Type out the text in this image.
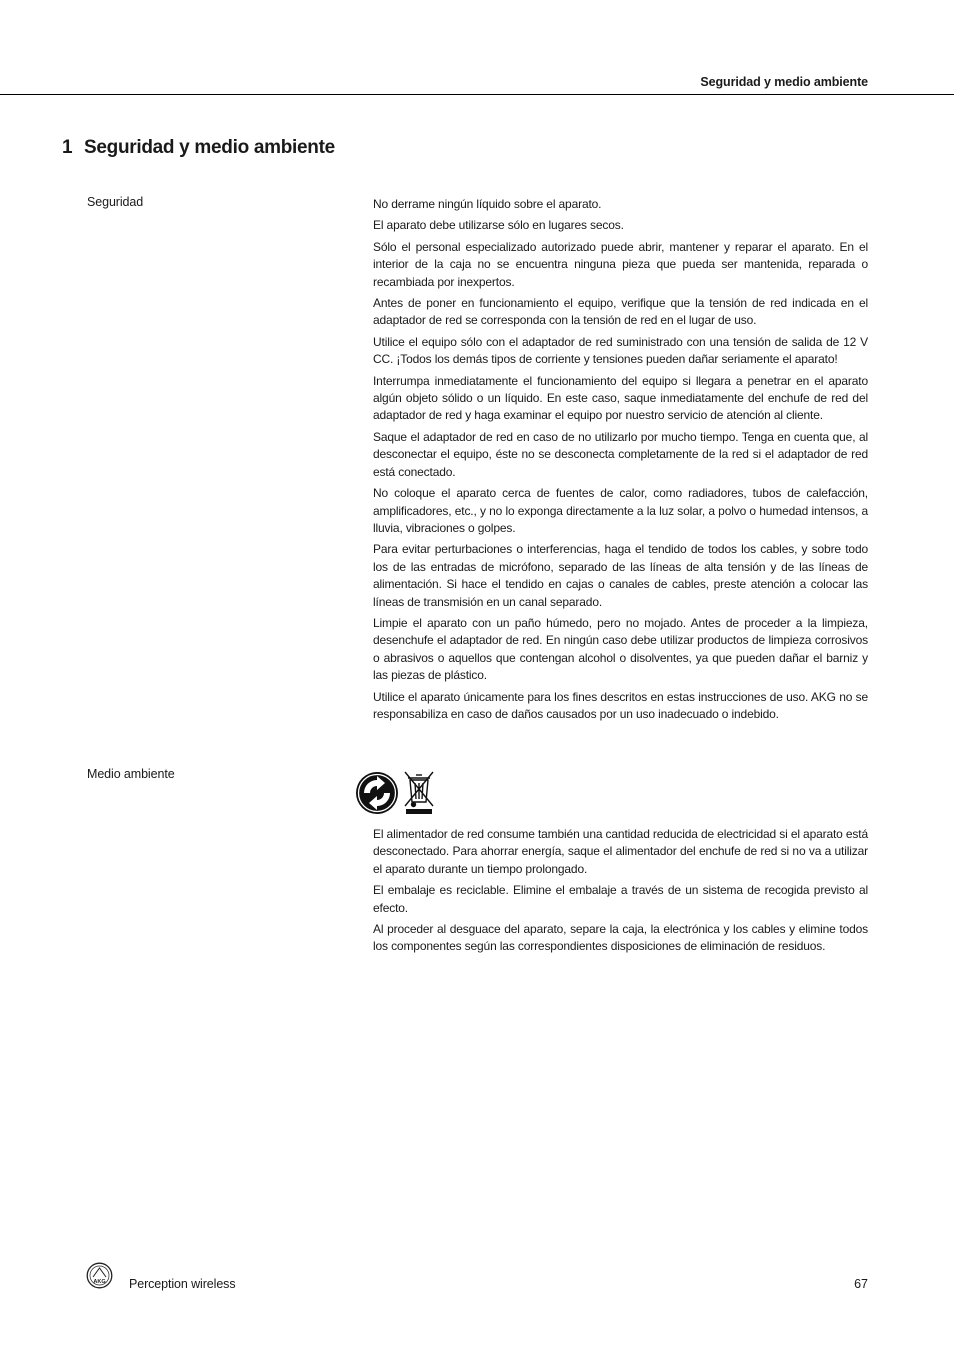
Seguridad y medio ambiente
1 Seguridad y medio ambiente
Seguridad	No derrame ningún líquido sobre el aparato.

El aparato debe utilizarse sólo en lugares secos.

Sólo el personal especializado autorizado puede abrir, mantener y reparar el aparato. En el interior de la caja no se encuentra ninguna pieza que pueda ser mantenida, reparada o recambiada por inexpertos.

Antes de poner en funcionamiento el equipo, verifique que la tensión de red indicada en el adaptador de red se corresponda con la tensión de red en el lugar de uso.

Utilice el equipo sólo con el adaptador de red suministrado con una tensión de salida de 12 V CC. ¡Todos los demás tipos de corriente y tensiones pueden dañar seriamente el aparato!

Interrumpa inmediatamente el funcionamiento del equipo si llegara a penetrar en el aparato algún objeto sólido o un líquido. En este caso, saque inmediatamente del enchufe de red del adaptador de red y haga examinar el equipo por nuestro servicio de atención al cliente.

Saque el adaptador de red en caso de no utilizarlo por mucho tiempo. Tenga en cuenta que, al desconectar el equipo, éste no se desconecta completamente de la red si el adaptador de red está conectado.

No coloque el aparato cerca de fuentes de calor, como radiadores, tubos de calefacción, amplificadores, etc., y no lo exponga directamente a la luz solar, a polvo o humedad intensos, a lluvia, vibraciones o golpes.

Para evitar perturbaciones o interferencias, haga el tendido de todos los cables, y sobre todo los de las entradas de micrófono, separado de las líneas de alta tensión y de las líneas de alimentación. Si hace el tendido en cajas o canales de cables, preste atención a colocar las líneas de transmisión en un canal separado.

Limpie el aparato con un paño húmedo, pero no mojado. Antes de proceder a la limpieza, desenchufe el adaptador de red. En ningún caso debe utilizar productos de limpieza corrosivos o abrasivos o aquellos que contengan alcohol o disolventes, ya que pueden dañar el barniz y las piezas de plástico.

Utilice el aparato únicamente para los fines descritos en estas instrucciones de uso. AKG no se responsabiliza en caso de daños causados por un uso inadecuado o indebido.

Medio ambiente

El alimentador de red consume también una cantidad reducida de electricidad si el aparato está desconectado. Para ahorrar energía, saque el alimentador del enchufe de red si no va a utilizar el aparato durante un tiempo prolongado.

El embalaje es reciclable. Elimine el embalaje a través de un sistema de recogida previsto al efecto.

Al proceder al desguace del aparato, separe la caja, la electrónica y los cables y elimine todos los componentes según las correspondientes disposiciones de eliminación de residuos.

AKG Perception wireless	67
